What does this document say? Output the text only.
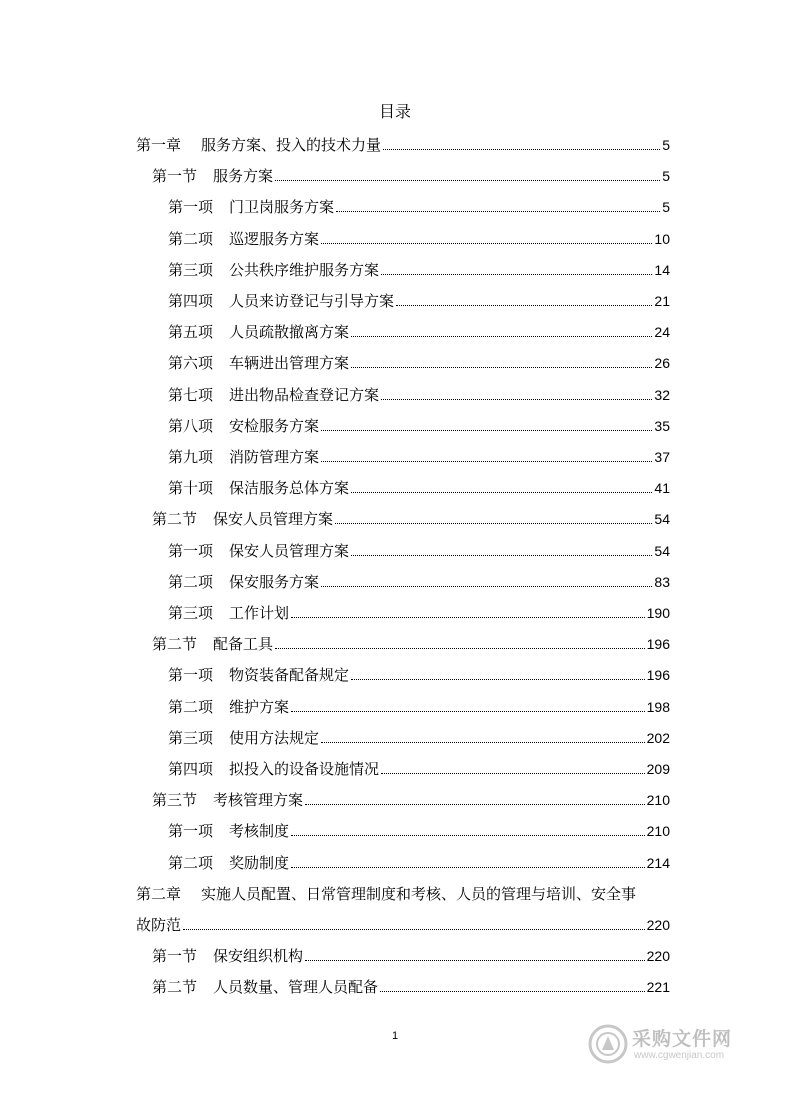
目录
第一章 服务方案、投入的技术力量	5
第一节 服务方案	5
第一项 门卫岗服务方案	5
第二项 巡逻服务方案	10
第三项 公共秩序维护服务方案	14
第四项 人员来访登记与引导方案	21
第五项 人员疏散撤离方案	24
第六项 车辆进出管理方案	26
第七项 进出物品检查登记方案	32
第八项 安检服务方案	35
第九项 消防管理方案	37
第十项 保洁服务总体方案	41
第二节 保安人员管理方案	54
第一项 保安人员管理方案	54
第二项 保安服务方案	83
第三项 工作计划	190
第二节 配备工具	196
第一项 物资装备配备规定	196
第二项 维护方案	198
第三项 使用方法规定	202
第四项 拟投入的设备设施情况	209
第三节 考核管理方案	210
第一项 考核制度	210
第二项 奖励制度	214
第二章 实施人员配置、日常管理制度和考核、人员的管理与培训、安全事
故防范	220
第一节 保安组织机构	220
第二节 人员数量、管理人员配备	221
1	采购文件网
www.cgwenjian.com
